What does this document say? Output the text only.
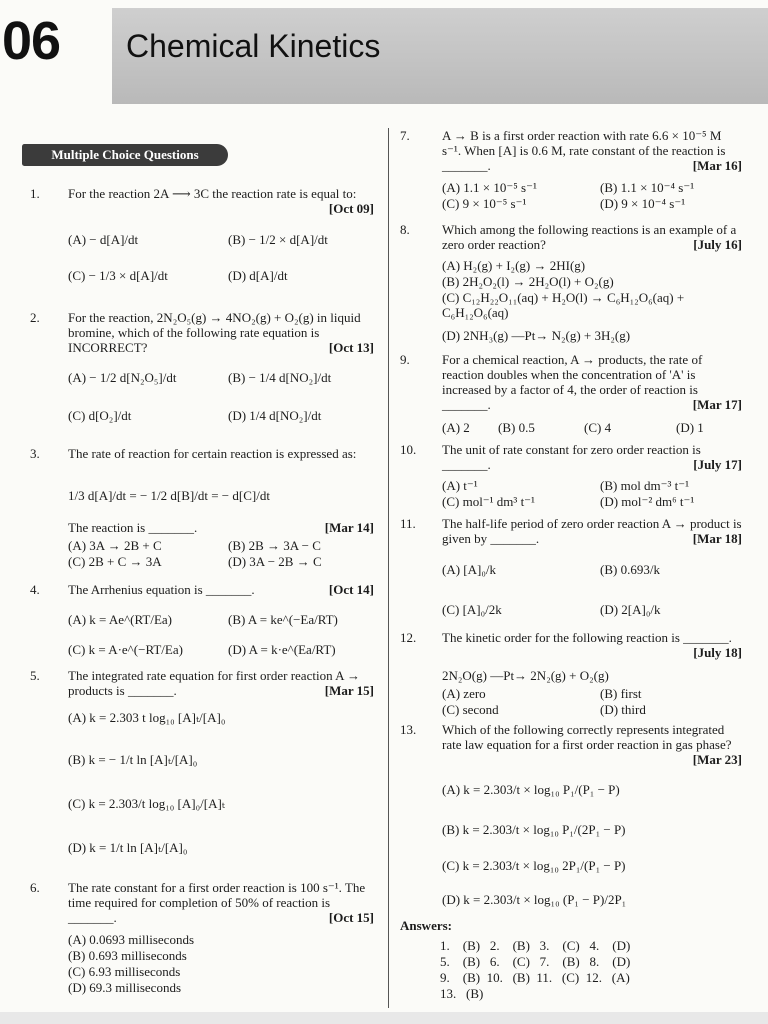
06 Chemical Kinetics
Multiple Choice Questions
1. For the reaction 2A ⟶ 3C the reaction rate is equal to:
[Oct 09]
(A) − d[A]/dt	(B) − 1/2 × d[A]/dt
(C) − 1/3 × d[A]/dt	(D) d[A]/dt
2. For the reaction, 2N₂O₅(g) → 4NO₂(g) + O₂(g) in liquid bromine, which of the following rate equation is INCORRECT?	[Oct 13]
(A) − 1/2 d[N₂O₅]/dt	(B) − 1/4 d[NO₂]/dt
(C) d[O₂]/dt	(D) 1/4 d[NO₂]/dt
3. The rate of reaction for certain reaction is expressed as:
1/3 d[A]/dt = − 1/2 d[B]/dt = − d[C]/dt
The reaction is _______.	[Mar 14]
(A) 3A → 2B + C	(B) 2B → 3A − C
(C) 2B + C → 3A	(D) 3A − 2B → C
4. The Arrhenius equation is _______.	[Oct 14]
(A) k = Ae^(RT/Ea)	(B) A = ke^(−Ea/RT)
(C) k = A·e^(−RT/Ea)	(D) A = k·e^(Ea/RT)
5. The integrated rate equation for first order reaction A → products is _______.	[Mar 15]
(A) k = 2.303 t log₁₀ [A]ₜ/[A]₀
(B) k = − 1/t ln [A]ₜ/[A]₀
(C) k = 2.303/t log₁₀ [A]₀/[A]ₜ
(D) k = 1/t ln [A]ₜ/[A]₀
6. The rate constant for a first order reaction is 100 s⁻¹. The time required for completion of 50% of reaction is _______.	[Oct 15]
(A) 0.0693 milliseconds
(B) 0.693 milliseconds
(C) 6.93 milliseconds
(D) 69.3 milliseconds
7. A → B is a first order reaction with rate 6.6 × 10⁻⁵ M s⁻¹. When [A] is 0.6 M, rate constant of the reaction is _______.	[Mar 16]
(A) 1.1 × 10⁻⁵ s⁻¹	(B) 1.1 × 10⁻⁴ s⁻¹
(C) 9 × 10⁻⁵ s⁻¹	(D) 9 × 10⁻⁴ s⁻¹
8. Which among the following reactions is an example of a zero order reaction?	[July 16]
(A) H₂(g) + I₂(g) → 2HI(g)
(B) 2H₂O₂(l) → 2H₂O(l) + O₂(g)
(C) C₁₂H₂₂O₁₁(aq) + H₂O(l) → C₆H₁₂O₆(aq) + C₆H₁₂O₆(aq)
(D) 2NH₃(g) —Pt→ N₂(g) + 3H₂(g)
9. For a chemical reaction, A → products, the rate of reaction doubles when the concentration of 'A' is increased by a factor of 4, the order of reaction is _______.	[Mar 17]
(A) 2 (B) 0.5	(C) 4	(D) 1
10. The unit of rate constant for zero order reaction is _______.	[July 17]
(A) t⁻¹	(B) mol dm⁻³ t⁻¹
(C) mol⁻¹ dm³ t⁻¹	(D) mol⁻² dm⁶ t⁻¹
11. The half-life period of zero order reaction A → product is given by _______.	[Mar 18]
(A) [A]₀/k	(B) 0.693/k
(C) [A]₀/2k	(D) 2[A]₀/k
12. The kinetic order for the following reaction is _______.
[July 18]
2N₂O(g) —Pt→ 2N₂(g) + O₂(g)
(A) zero	(B) first
(C) second	(D) third
13. Which of the following correctly represents integrated rate law equation for a first order reaction in gas phase?
[Mar 23]
(A) k = 2.303/t × log₁₀ P₁/(P₁ − P)
(B) k = 2.303/t × log₁₀ P₁/(2P₁ − P)
(C) k = 2.303/t × log₁₀ 2P₁/(P₁ − P)
(D) k = 2.303/t × log₁₀ (P₁ − P)/2P₁
Answers:
1.    (B)   2.    (B)   3.    (C)   4.    (D)
5.    (B)   6.    (C)   7.    (B)   8.    (D)
9.    (B)  10.   (B)  11.   (C)  12.   (A)
13.   (B)
